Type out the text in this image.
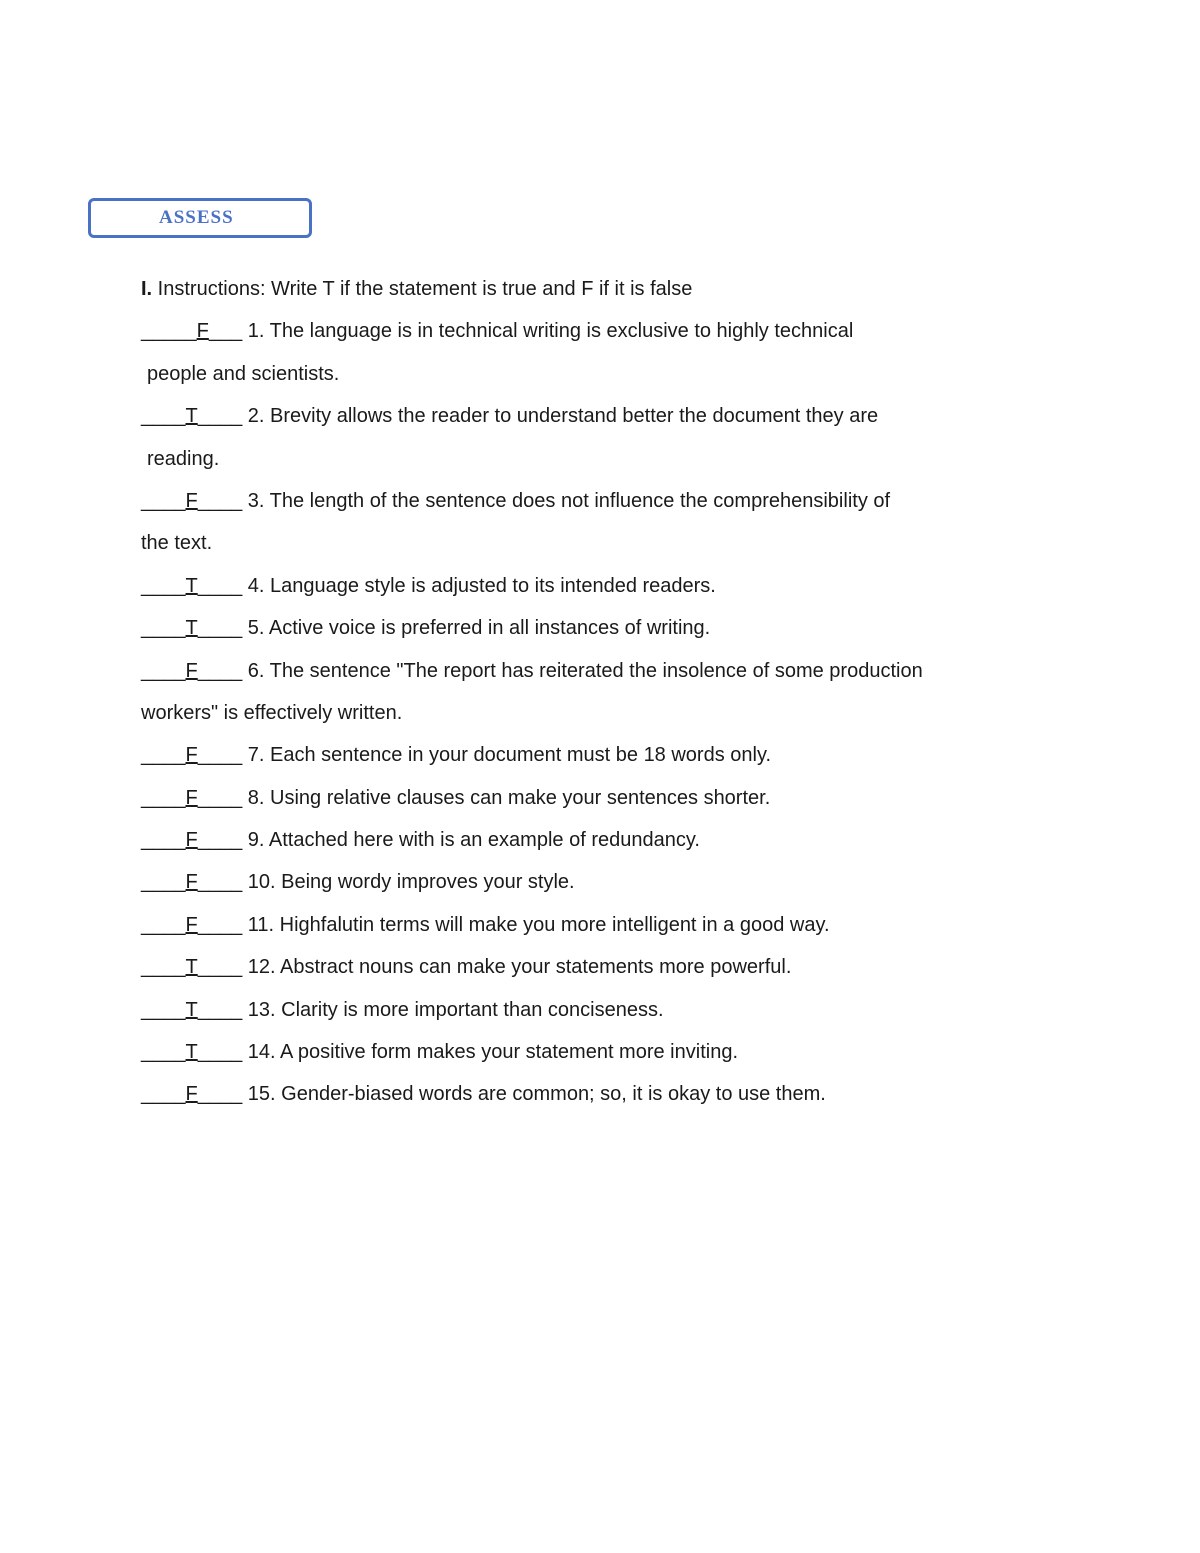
ASSESS
I. Instructions: Write T if the statement is true and F if it is false
_____F___ 1. The language is in technical writing is exclusive to highly technical
people and scientists.
____T____ 2. Brevity allows the reader to understand better the document they are
reading.
____F____ 3. The length of the sentence does not influence the comprehensibility of
the text.
____T____ 4. Language style is adjusted to its intended readers.
____T____ 5. Active voice is preferred in all instances of writing.
____F____ 6. The sentence "The report has reiterated the insolence of some production
workers" is effectively written.
____F____ 7. Each sentence in your document must be 18 words only.
____F____ 8. Using relative clauses can make your sentences shorter.
____F____ 9. Attached here with is an example of redundancy.
____F____ 10. Being wordy improves your style.
____F____ 11. Highfalutin terms will make you more intelligent in a good way.
____T____ 12. Abstract nouns can make your statements more powerful.
____T____ 13. Clarity is more important than conciseness.
____T____ 14. A positive form makes your statement more inviting.
____F____ 15. Gender-biased words are common; so, it is okay to use them.
